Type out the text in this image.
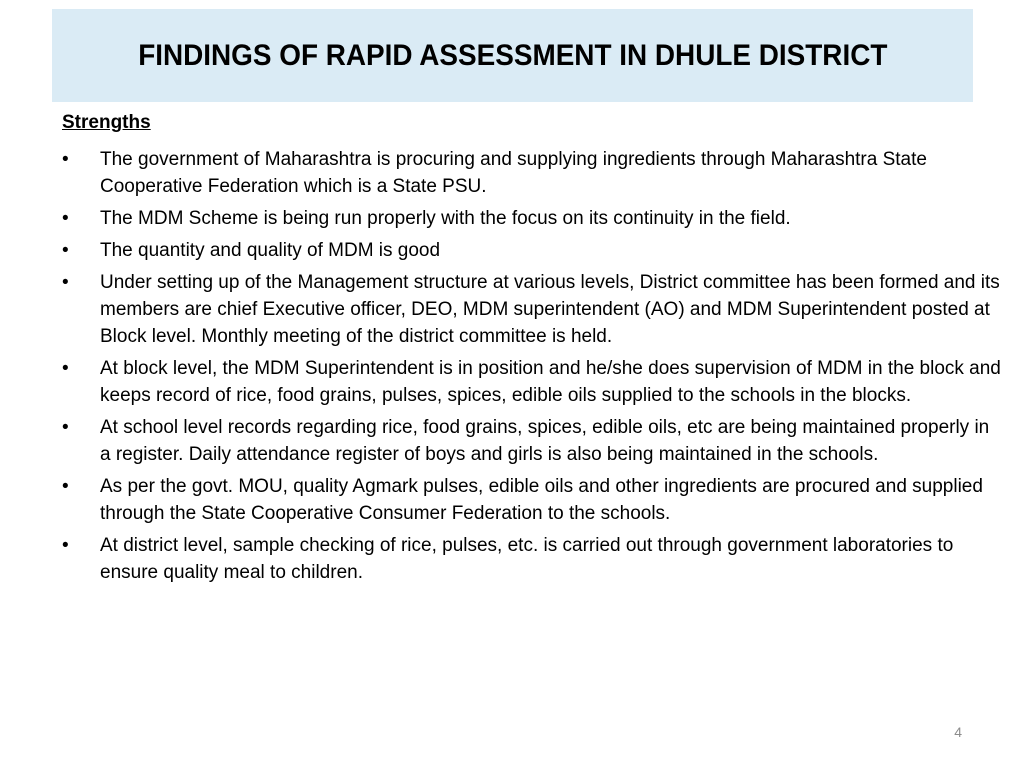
FINDINGS OF RAPID ASSESSMENT IN DHULE DISTRICT
Strengths
•	The government of Maharashtra is procuring and supplying ingredients through Maharashtra State Cooperative Federation which is a State PSU.
•	The MDM Scheme is being run properly with the focus on its continuity in the field.
•	The quantity and quality of MDM is good
•	Under setting up of the Management structure at various levels, District committee has been formed and its members are chief Executive officer, DEO, MDM superintendent (AO) and MDM Superintendent posted at Block level. Monthly meeting of the district committee is held.
•	At block level, the MDM Superintendent is in position and he/she does supervision of MDM in the block and keeps record of rice, food grains, pulses, spices, edible oils supplied to the schools in the blocks.
•	At school level records regarding rice, food grains, spices, edible oils, etc are being maintained properly in a register. Daily attendance register of boys and girls is also being maintained in the schools.
•	As per the govt. MOU, quality Agmark pulses, edible oils and other ingredients are procured and supplied through the State Cooperative Consumer Federation to the schools.
•	At district level, sample checking of rice, pulses, etc. is carried out through government laboratories to ensure quality meal to children.
4
